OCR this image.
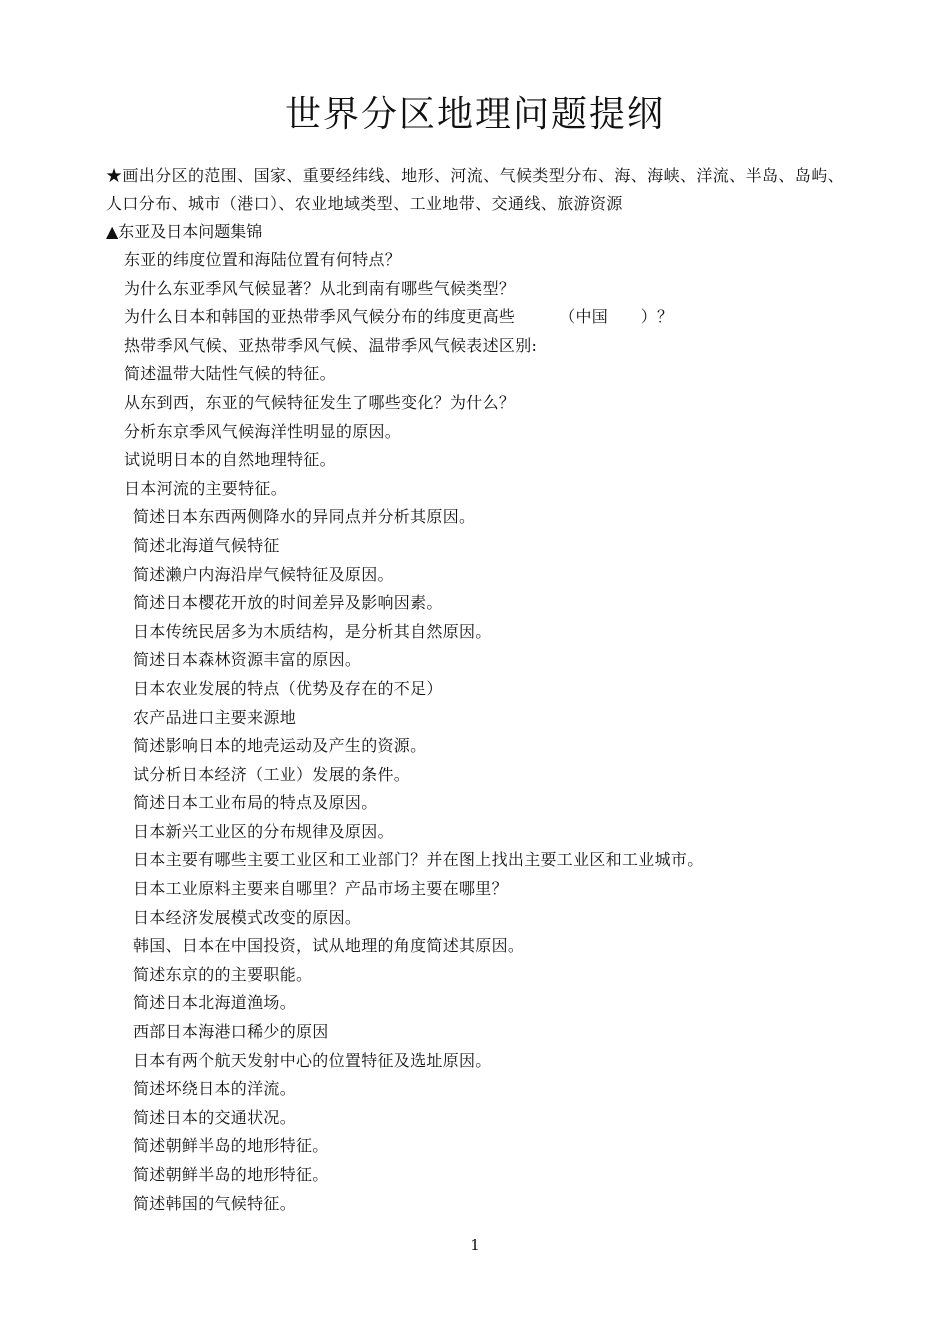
世界分区地理问题提纲
★画出分区的范围、国家、重要经纬线、地形、河流、气候类型分布、海、海峡、洋流、半岛、岛屿、人口分布、城市（港口）、农业地域类型、工业地带、交通线、旅游资源
▲东亚及日本问题集锦
东亚的纬度位置和海陆位置有何特点？
为什么东亚季风气候显著？从北到南有哪些气候类型？
为什么日本和韩国的亚热带季风气候分布的纬度更高些	（中国　　）？
热带季风气候、亚热带季风气候、温带季风气候表述区别:
简述温带大陆性气候的特征。
从东到西，东亚的气候特征发生了哪些变化？为什么？
分析东京季风气候海洋性明显的原因。
试说明日本的自然地理特征。
日本河流的主要特征。
简述日本东西两侧降水的异同点并分析其原因。
简述北海道气候特征
简述濑户内海沿岸气候特征及原因。
简述日本樱花开放的时间差异及影响因素。
日本传统民居多为木质结构，是分析其自然原因。
简述日本森林资源丰富的原因。
日本农业发展的特点（优势及存在的不足）
农产品进口主要来源地
简述影响日本的地壳运动及产生的资源。
试分析日本经济（工业）发展的条件。
简述日本工业布局的特点及原因。
日本新兴工业区的分布规律及原因。
日本主要有哪些主要工业区和工业部门？并在图上找出主要工业区和工业城市。
日本工业原料主要来自哪里？产品市场主要在哪里？
日本经济发展模式改变的原因。
韩国、日本在中国投资，试从地理的角度简述其原因。
简述东京的的主要职能。
简述日本北海道渔场。
西部日本海港口稀少的原因
日本有两个航天发射中心的位置特征及选址原因。
简述坏绕日本的洋流。
简述日本的交通状况。
简述朝鲜半岛的地形特征。
简述朝鲜半岛的地形特征。
简述韩国的气候特征。
1
